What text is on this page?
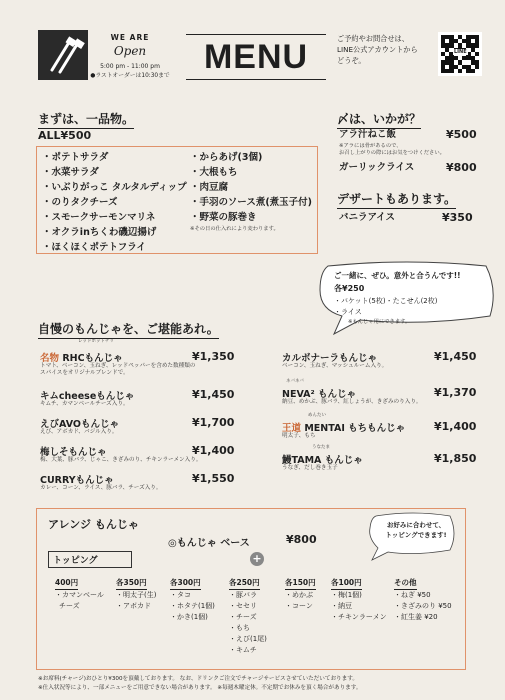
WE ARE
Open
5:00 pm - 11:00 pm
●ラストオーダーは10:30まで	MENU	ご予約やお問合せは、
LINE公式アカウントから
どうぞ。
LINE
まずは、一品物。
ALL¥500
・ポテトサラダ
・水菜サラダ
・いぶりがっこ タルタルディップ
・のりタクチーズ
・スモークサーモンマリネ
・オクラinちくわ磯辺揚げ
・ほくほくポテトフライ
・からあげ(3個)
・大根もち
・肉豆腐
・手羽のソース煮(煮玉子付)
・野菜の豚巻き
※その日の仕入れにより変わります。
〆は、いかが？
アラ汁ねこ飯	¥500
※アラには骨があるので、
お召し上がりの際にはお気をつけください。
ガーリックライス	¥800
デザートもあります。
バニラアイス	¥350
ご一緒に、ぜひ。意外と合うんです!!
各¥250
・バケット(5枚)・たこせん(2枚)
・ライス
※もんじゃ用にできます。
自慢のもんじゃを、ご堪能あれ。
レッドホットチリ
名物 RHCもんじゃ	¥1,350
トマト、ベーコン、玉ねぎ、レッドペッパーを含めた数種類の
スパイスをオリジナルブレンドで。
キムcheeseもんじゃ	¥1,450
キムチ、カマンベールチーズ入り。
えびAVOもんじゃ	¥1,700
えび、アボカド、バジル入り。
梅しそもんじゃ	¥1,400
梅、大葉、豚バラ、じゃこ、きざみのり、チキンラーメン入り。
CURRYもんじゃ	¥1,550
カレー、コーン、ライス、豚バラ、チーズ入り。
カルボナーラもんじゃ	¥1,450
ベーコン、玉ねぎ、マッシュルーム入り。
ネバネバ
NEVA² もんじゃ	¥1,370
納豆、めかぶ、豚バラ、紅しょうが、きざみのり入り。
めんたい
王道 MENTAI もちもんじゃ	¥1,400
明太子、もち
うなたま
鰻TAMA もんじゃ	¥1,850
うなぎ、だし巻き玉子
アレンジ もんじゃ
◎もんじゃ ベース	¥800
お好みに合わせて、
トッピングできます!
トッピング	+
400円
・カマンベール
チーズ
各350円
・明太子(生)
・アボカド
各300円
・タコ
・ホタテ(1個)
・かき(1個)
各250円
・豚バラ
・セセリ
・チーズ
・もち
・えび(1尾)
・キムチ
各150円
・めかぶ
・コーン
各100円
・梅(1個)
・納豆
・チキンラーメン
その他
・ねぎ ¥50
・きざみのり ¥50
・紅生姜 ¥20
※お席料(チャージ)おひとり¥300を頂戴しております。 なお、ドリンクご注文でチャージサービスさせていただいております。
※仕入状況等により、一部メニューをご用意できない場合があります。 ※毎週木曜定休。不定期でお休みを頂く場合があります。
